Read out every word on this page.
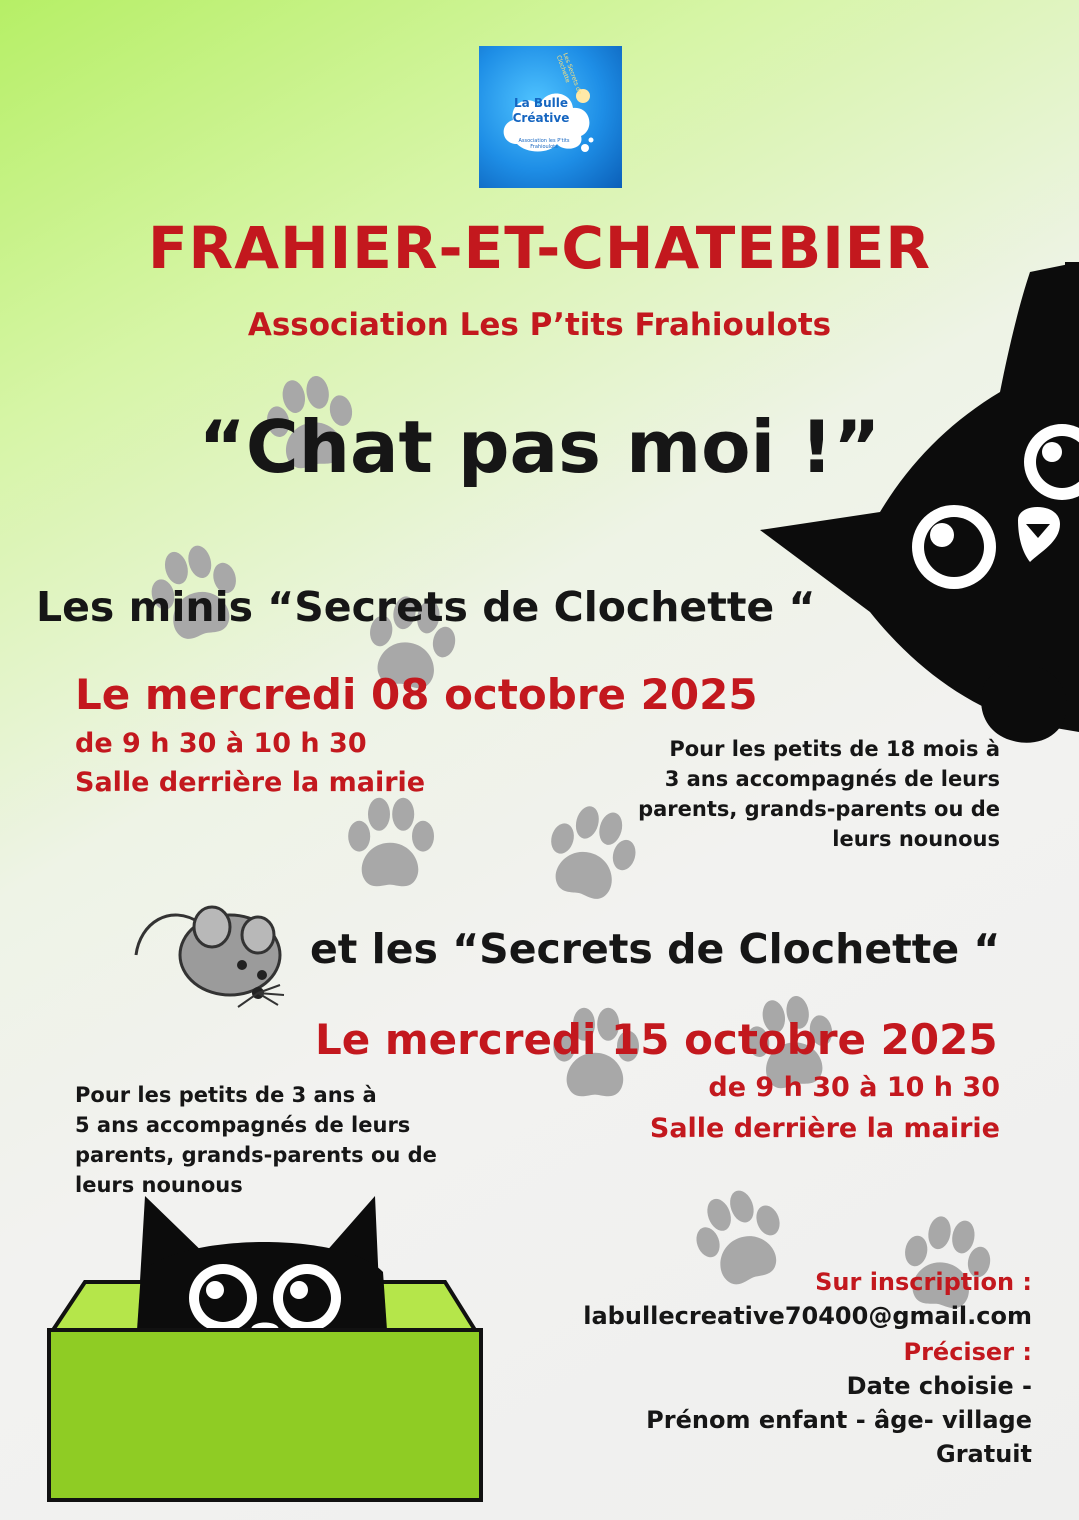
La Bulle Créative
Association les P'tits Frahioulots
Les Secrets de Clochette
FRAHIER-ET-CHATEBIER
Association Les P’tits Frahioulots
“Chat pas moi !”
Les minis “Secrets de Clochette “
Le mercredi 08 octobre 2025
de 9 h 30 à 10 h 30
Salle derrière la mairie
Pour les petits de 18 mois à
3 ans accompagnés de leurs
parents, grands-parents ou de
leurs nounous
et les “Secrets de Clochette “
Le mercredi 15 octobre 2025
de 9 h 30 à 10 h 30
Salle derrière la mairie
Pour les petits de 3 ans à
5 ans accompagnés de leurs
parents, grands-parents ou de
leurs nounous
Sur inscription :
labullecreative70400@gmail.com
Préciser :
Date choisie -
Prénom enfant - âge- village
Gratuit
